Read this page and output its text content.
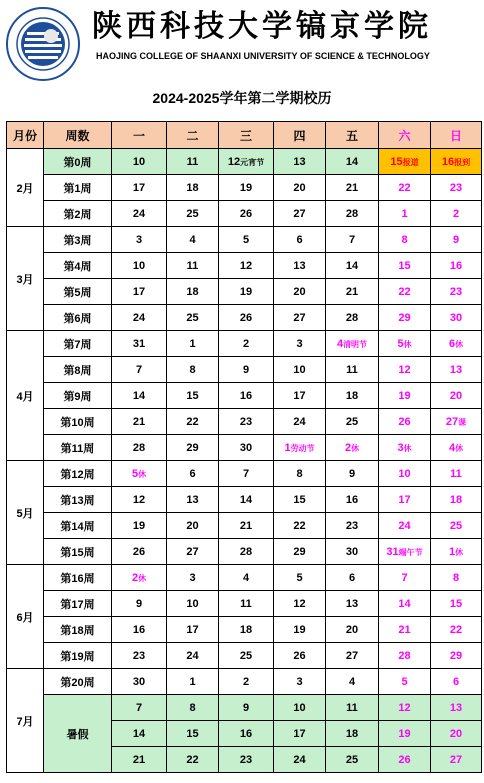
陕西科技大学镐京学院
HAOJING COLLEGE OF SHAANXI UNIVERSITY OF SCIENCE & TECHNOLOGY
2024-2025学年第二学期校历
月份	周数	一	二	三	四	五	六	日
2月	第0周	10	11	12元宵节	13	14	15报道	16报到
	第1周	17	18	19	20	21	22	23
	第2周	24	25	26	27	28	1	2
3月	第3周	3	4	5	6	7	8	9
	第4周	10	11	12	13	14	15	16
	第5周	17	18	19	20	21	22	23
	第6周	24	25	26	27	28	29	30
4月	第7周	31	1	2	3	4清明节	5休	6休
	第8周	7	8	9	10	11	12	13
	第9周	14	15	16	17	18	19	20
	第10周	21	22	23	24	25	26	27课
	第11周	28	29	30	1劳动节	2休	3休	4休
5月	第12周	5休	6	7	8	9	10	11
	第13周	12	13	14	15	16	17	18
	第14周	19	20	21	22	23	24	25
	第15周	26	27	28	29	30	31端午节	1休
6月	第16周	2休	3	4	5	6	7	8
	第17周	9	10	11	12	13	14	15
	第18周	16	17	18	19	20	21	22
	第19周	23	24	25	26	27	28	29
7月	第20周	30	1	2	3	4	5	6
	暑假	7	8	9	10	11	12	13
		14	15	16	17	18	19	20
		21	22	23	24	25	26	27
